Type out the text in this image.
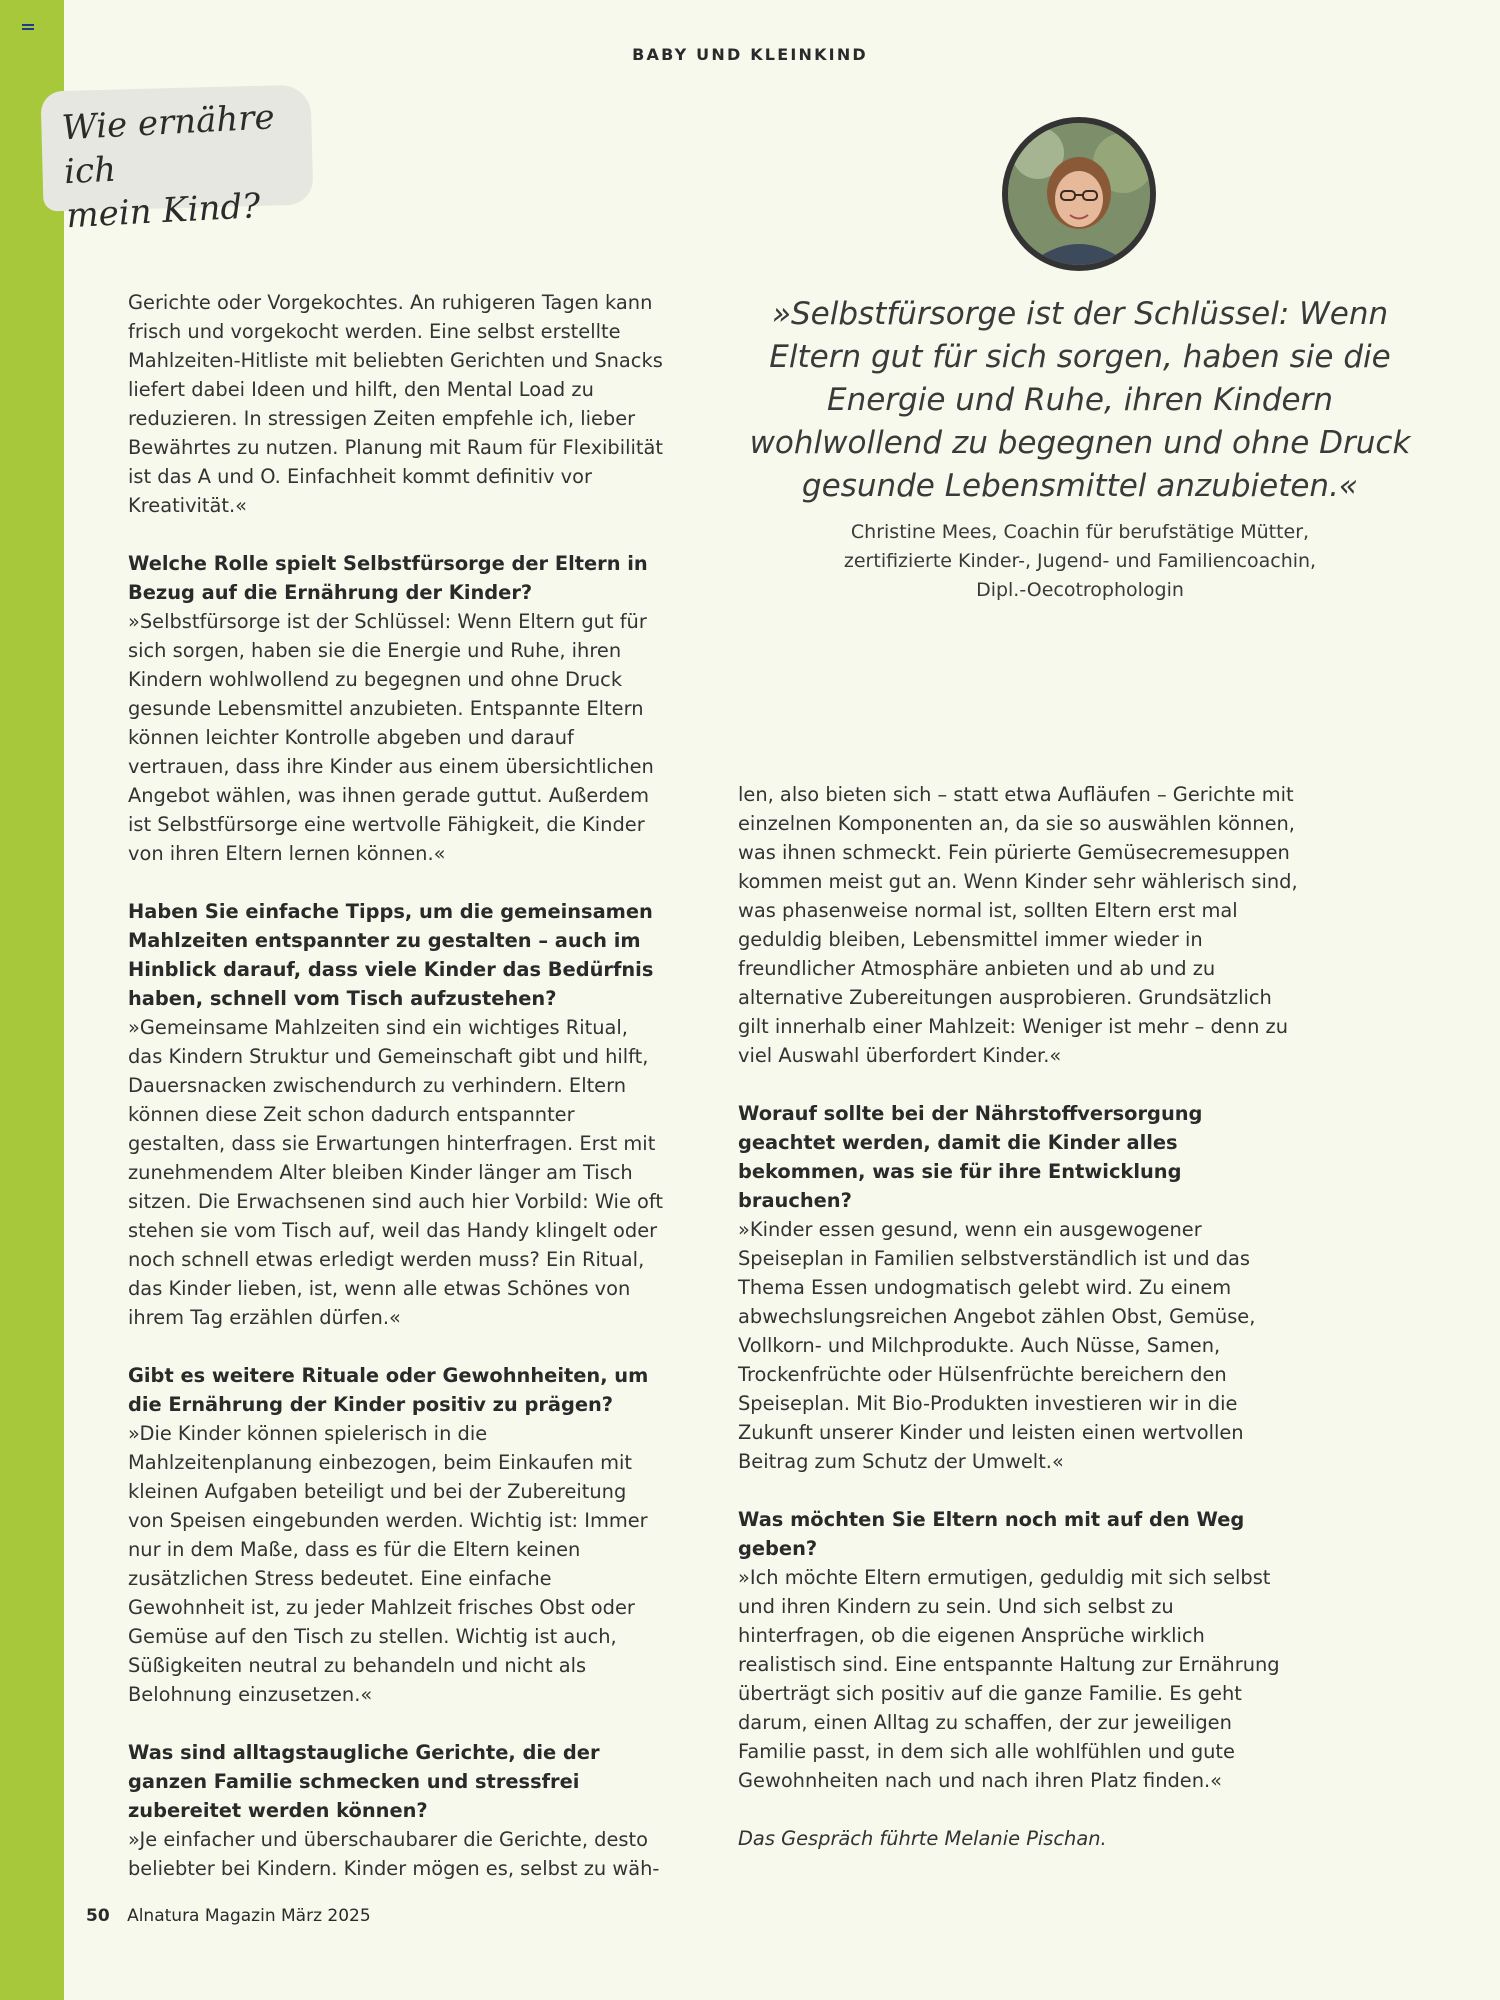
BABY UND KLEINKIND
Wie ernähre ich
mein Kind?
»Selbstfürsorge ist der Schlüssel: Wenn Eltern gut für sich sorgen, haben sie die Energie und Ruhe, ihren Kindern wohlwollend zu begegnen und ohne Druck gesunde Lebensmittel anzubieten.«
Christine Mees, Coachin für berufstätige Mütter,
zertifizierte Kinder-, Jugend- und Familiencoachin,
Dipl.-Oecotrophologin

Gerichte oder Vorgekochtes. An ruhigeren Tagen kann frisch und vorgekocht werden. Eine selbst erstellte Mahlzeiten-Hitliste mit beliebten Gerichten und Snacks liefert dabei Ideen und hilft, den Mental Load zu reduzieren. In stressigen Zeiten empfehle ich, lieber Bewährtes zu nutzen. Planung mit Raum für Flexibilität ist das A und O. Einfachheit kommt definitiv vor Kreativität.«

Welche Rolle spielt Selbstfürsorge der Eltern in Bezug auf die Ernährung der Kinder?
»Selbstfürsorge ist der Schlüssel: Wenn Eltern gut für sich sorgen, haben sie die Energie und Ruhe, ihren Kindern wohlwollend zu begegnen und ohne Druck gesunde Lebensmittel anzubieten. Entspannte Eltern können leichter Kontrolle abgeben und darauf vertrauen, dass ihre Kinder aus einem übersichtlichen Angebot wählen, was ihnen gerade guttut. Außerdem ist Selbstfürsorge eine wertvolle Fähigkeit, die Kinder von ihren Eltern lernen können.«

Haben Sie einfache Tipps, um die gemeinsamen Mahlzeiten entspannter zu gestalten – auch im Hinblick darauf, dass viele Kinder das Bedürfnis haben, schnell vom Tisch aufzustehen?
»Gemeinsame Mahlzeiten sind ein wichtiges Ritual, das Kindern Struktur und Gemeinschaft gibt und hilft, Dauersnacken zwischendurch zu verhindern. Eltern können diese Zeit schon dadurch entspannter gestalten, dass sie Erwartungen hinterfragen. Erst mit zunehmendem Alter bleiben Kinder länger am Tisch sitzen. Die Erwachsenen sind auch hier Vorbild: Wie oft stehen sie vom Tisch auf, weil das Handy klingelt oder noch schnell etwas erledigt werden muss? Ein Ritual, das Kinder lieben, ist, wenn alle etwas Schönes von ihrem Tag erzählen dürfen.«

Gibt es weitere Rituale oder Gewohnheiten, um die Ernährung der Kinder positiv zu prägen?
»Die Kinder können spielerisch in die Mahlzeitenplanung einbezogen, beim Einkaufen mit kleinen Aufgaben beteiligt und bei der Zubereitung von Speisen eingebunden werden. Wichtig ist: Immer nur in dem Maße, dass es für die Eltern keinen zusätzlichen Stress bedeutet. Eine einfache Gewohnheit ist, zu jeder Mahlzeit frisches Obst oder Gemüse auf den Tisch zu stellen. Wichtig ist auch, Süßigkeiten neutral zu behandeln und nicht als Belohnung einzusetzen.«

Was sind alltagstaugliche Gerichte, die der ganzen Familie schmecken und stressfrei zubereitet werden können?
»Je einfacher und überschaubarer die Gerichte, desto beliebter bei Kindern. Kinder mögen es, selbst zu wäh-

len, also bieten sich – statt etwa Aufläufen – Gerichte mit einzelnen Komponenten an, da sie so auswählen können, was ihnen schmeckt. Fein pürierte Gemüsecremesuppen kommen meist gut an. Wenn Kinder sehr wählerisch sind, was phasenweise normal ist, sollten Eltern erst mal geduldig bleiben, Lebensmittel immer wieder in freundlicher Atmosphäre anbieten und ab und zu alternative Zubereitungen ausprobieren. Grundsätzlich gilt innerhalb einer Mahlzeit: Weniger ist mehr – denn zu viel Auswahl überfordert Kinder.«

Worauf sollte bei der Nährstoffversorgung geachtet werden, damit die Kinder alles bekommen, was sie für ihre Entwicklung brauchen?
»Kinder essen gesund, wenn ein ausgewogener Speiseplan in Familien selbstverständlich ist und das Thema Essen undogmatisch gelebt wird. Zu einem abwechslungsreichen Angebot zählen Obst, Gemüse, Vollkorn- und Milchprodukte. Auch Nüsse, Samen, Trockenfrüchte oder Hülsenfrüchte bereichern den Speiseplan. Mit Bio-Produkten investieren wir in die Zukunft unserer Kinder und leisten einen wertvollen Beitrag zum Schutz der Umwelt.«

Was möchten Sie Eltern noch mit auf den Weg geben?
»Ich möchte Eltern ermutigen, geduldig mit sich selbst und ihren Kindern zu sein. Und sich selbst zu hinterfragen, ob die eigenen Ansprüche wirklich realistisch sind. Eine entspannte Haltung zur Ernährung überträgt sich positiv auf die ganze Familie. Es geht darum, einen Alltag zu schaffen, der zur jeweiligen Familie passt, in dem sich alle wohlfühlen und gute Gewohnheiten nach und nach ihren Platz finden.«

Das Gespräch führte Melanie Pischan.

50 Alnatura Magazin März 2025
